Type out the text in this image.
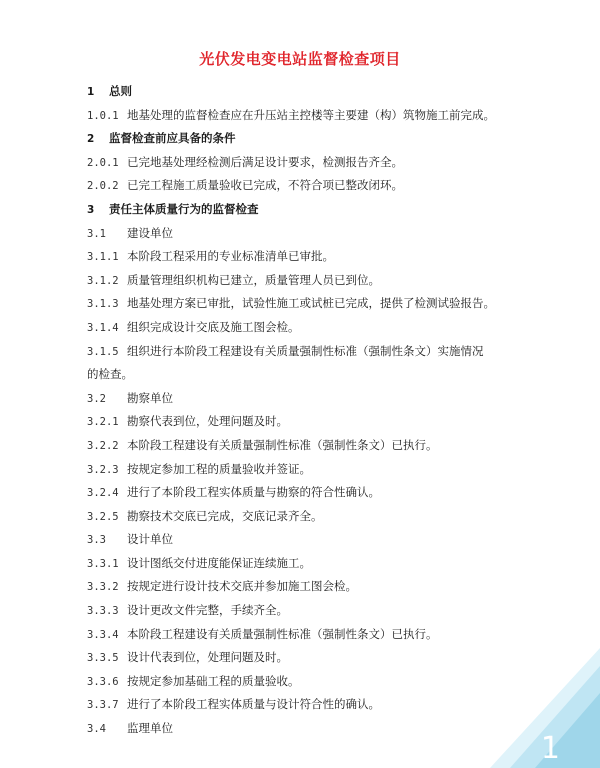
光伏发电变电站监督检查项目
1 总则
1.0.1 地基处理的监督检查应在升压站主控楼等主要建（构）筑物施工前完成。
2 监督检查前应具备的条件
2.0.1 已完地基处理经检测后满足设计要求，检测报告齐全。
2.0.2 已完工程施工质量验收已完成，不符合项已整改闭环。
3 责任主体质量行为的监督检查
3.1 建设单位
3.1.1 本阶段工程采用的专业标准清单已审批。
3.1.2 质量管理组织机构已建立，质量管理人员已到位。
3.1.3 地基处理方案已审批，试验性施工或试桩已完成，提供了检测试验报告。
3.1.4 组织完成设计交底及施工图会检。
3.1.5 组织进行本阶段工程建设有关质量强制性标准（强制性条文）实施情况
的检查。
3.2 勘察单位
3.2.1 勘察代表到位，处理问题及时。
3.2.2 本阶段工程建设有关质量强制性标准（强制性条文）已执行。
3.2.3 按规定参加工程的质量验收并签证。
3.2.4 进行了本阶段工程实体质量与勘察的符合性确认。
3.2.5 勘察技术交底已完成，交底记录齐全。
3.3 设计单位
3.3.1 设计图纸交付进度能保证连续施工。
3.3.2 按规定进行设计技术交底并参加施工图会检。
3.3.3 设计更改文件完整，手续齐全。
3.3.4 本阶段工程建设有关质量强制性标准（强制性条文）已执行。
3.3.5 设计代表到位，处理问题及时。
3.3.6 按规定参加基础工程的质量验收。
3.3.7 进行了本阶段工程实体质量与设计符合性的确认。
3.4 监理单位
1
